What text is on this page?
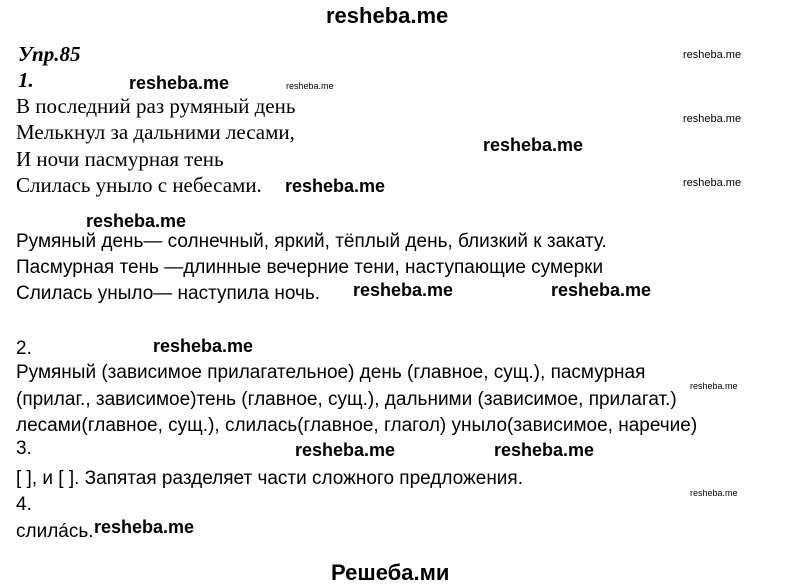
resheba.me
Упр.85
1.
В последний раз румяный день
Мелькнул за дальними лесами,
И ночи пасмурная тень
Слилась уныло с небесами.
Румяный день— солнечный, яркий, тёплый день, близкий к закату.
Пасмурная тень —длинные вечерние тени, наступающие сумерки
Слилась уныло— наступила ночь.
2.
Румяный (зависимое прилагательное) день (главное, сущ.), пасмурная
(прилаг., зависимое)тень (главное, сущ.), дальними (зависимое, прилагат.)
лесами(главное, сущ.), слилась(главное, глагол) уныло(зависимое, наречие)
3.
[ ], и [ ]. Запятая разделяет части сложного предложения.
4.
слилáсь.
resheba.me
resheba.me
resheba.me
resheba.me
resheba.me	resheba.me
resheba.me
resheba.me	resheba.me
resheba.me
resheba.me
resheba.me
resheba.me
resheba.me
resheba.me
resheba.me
Решеба.ми
